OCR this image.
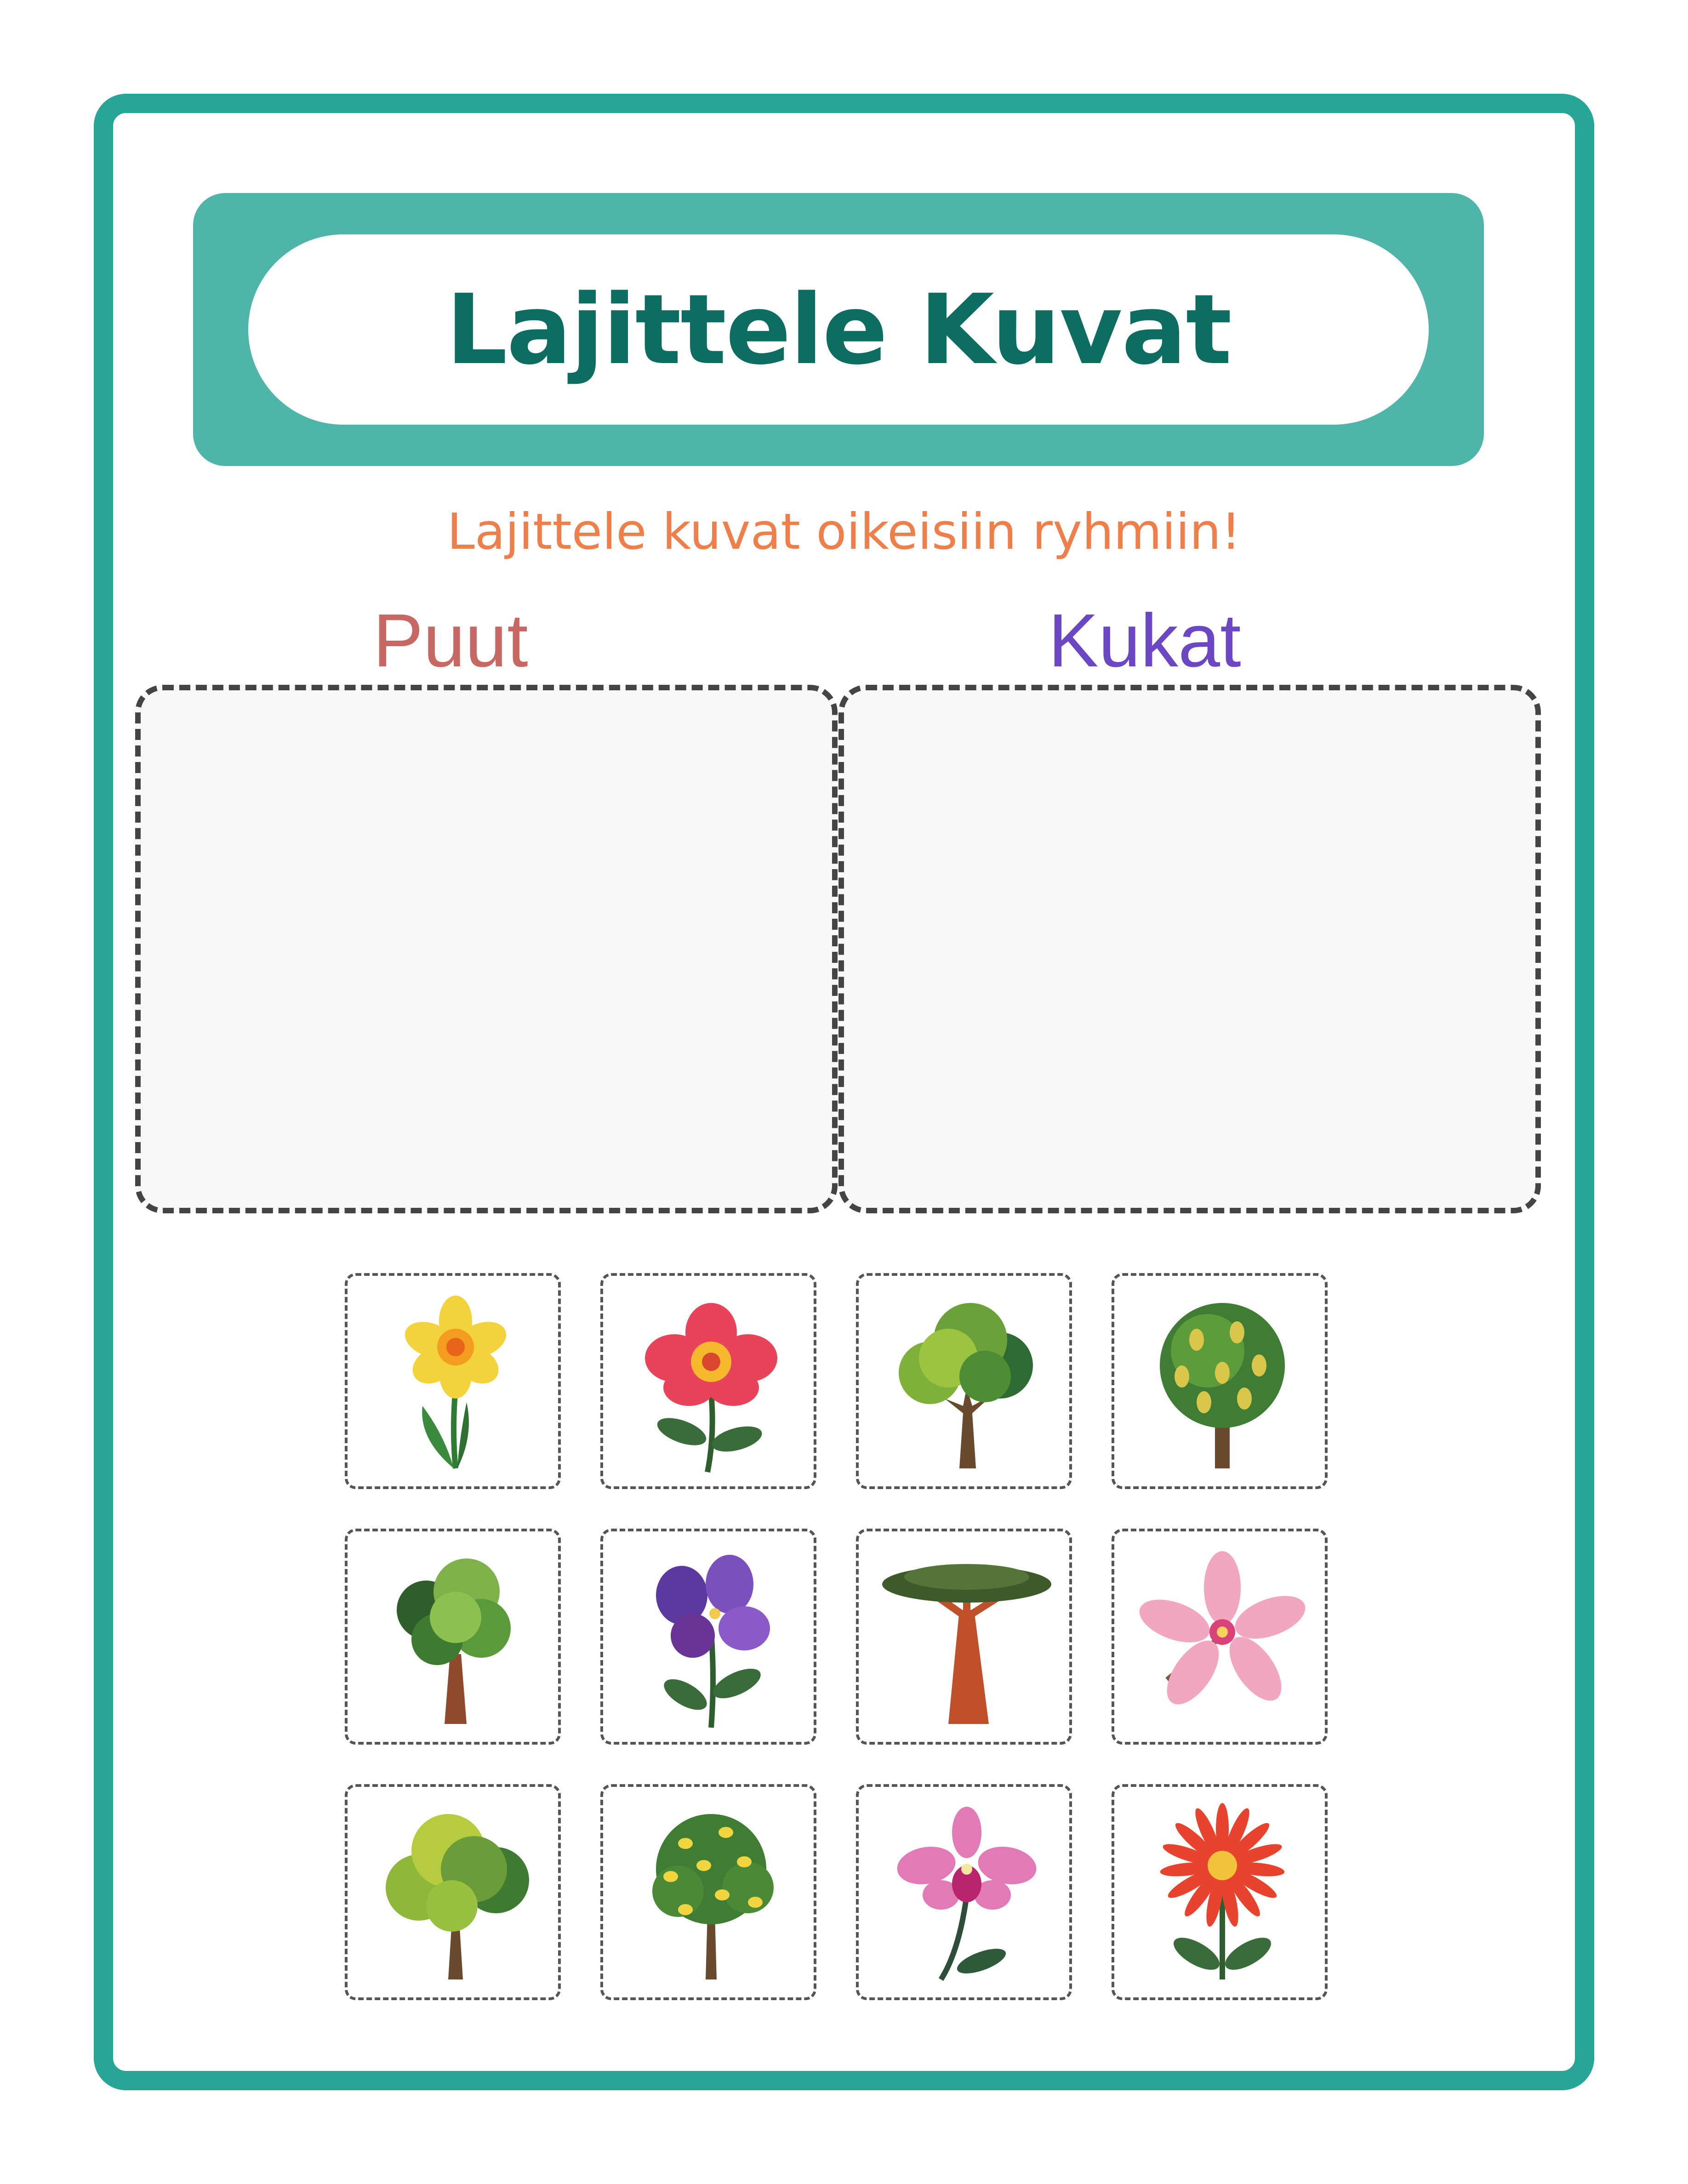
Lajittele Kuvat
Lajittele kuvat oikeisiin ryhmiin!
Puut	Kukat
